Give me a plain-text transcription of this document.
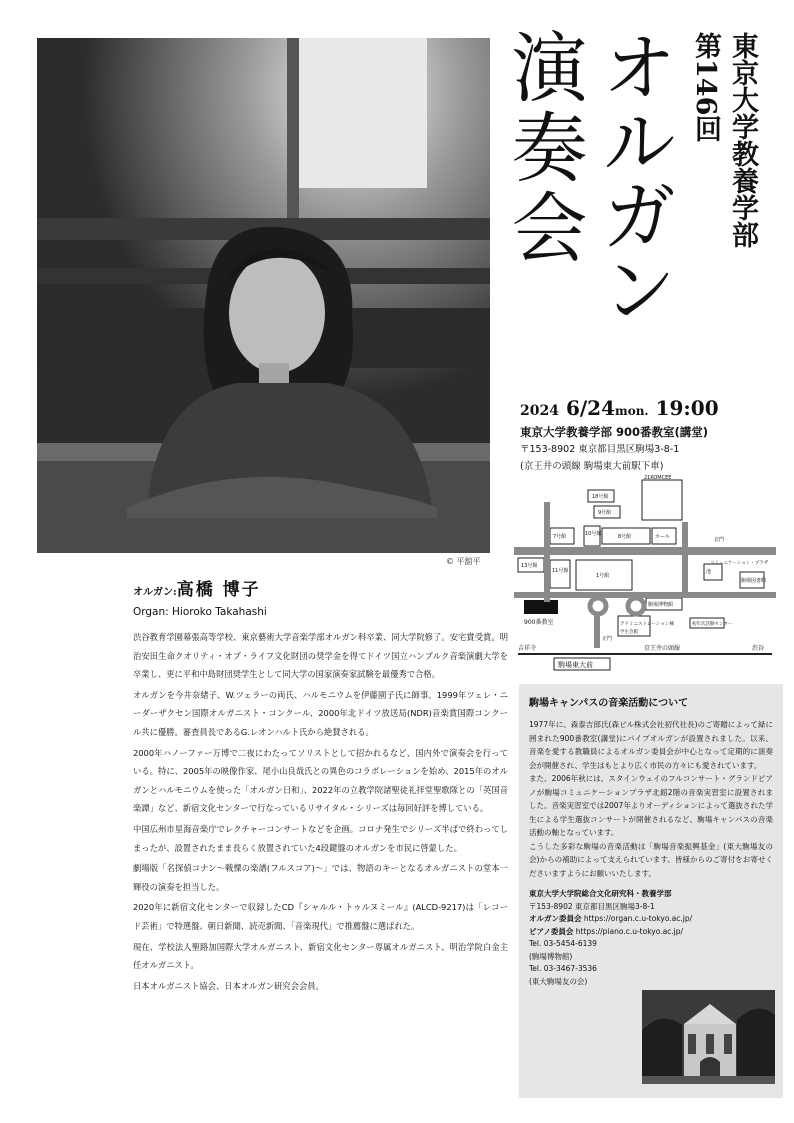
© 平舘平
演奏会 オルガン 第146回 東京大学教養学部
2024 6/24mon. 19:00
東京大学教養学部 900番教室(講堂)
〒153-8902 東京都目黒区駒場3-8-1
(京王井の頭線 駒場東大前駅下車)
18号館
9号館
21KOMCEE
7号館	10号館	8号館	ホール	北門
13号館
11号館
1号館
池
コミュニケーション・プラザ
駒場図書館
駒場博物館
初年次活動センター
アドミニストレーション棟
学生会館
900番教室
正門
駒場東大前
京王井の頭線
吉祥寺	渋谷
オルガン:高橋 博子
Organ: Hioroko Takahashi

渋谷教育学園幕張高等学校、東京藝術大学音楽学部オルガン科卒業、同大学院修了。安宅賞受賞。明治安田生命クオリティ・オブ・ライフ文化財団の奨学金を得てドイツ国立ハンブルク音楽演劇大学を卒業し、更に平和中島財団奨学生として同大学の国家演奏家試験を最優秀で合格。

オルガンを今井奈緒子、W.ツェラーの両氏、ハルモニウムを伊藤園子氏に師事。1999年ツェレ・ニーダーザクセン国際オルガニスト・コンクール、2000年北ドイツ放送局(NDR)音楽賞国際コンクール共に優勝。審査員長であるG.レオンハルト氏から絶賛される。

2000年ハノーファー万博で二夜にわたってソリストとして招かれるなど、国内外で演奏会を行っている。特に、2005年の映像作家、尾小山良哉氏との異色のコラボレーションを始め、2015年のオルガンとハルモニウムを使った「オルガン日和」、2022年の立教学院諸聖徒礼拝堂聖歌隊との「英国音楽譚」など、新宿文化センターで行なっているリサイタル・シリーズは毎回好評を博している。

中国広州市星海音楽庁でレクチャーコンサートなどを企画。コロナ発生でシリーズ半ばで終わってしまったが、設置されたまま長らく放置されていた4段鍵盤のオルガンを市民に啓蒙した。

劇場版「名探偵コナン〜戦慄の楽譜(フルスコア)〜」では、物語のキーとなるオルガニストの堂本一輝役の演奏を担当した。

2020年に新宿文化センターで収録したCD『シャルル・トゥルヌミール』(ALCD-9217)は「レコード芸術」で特選盤、朝日新聞、読売新聞、「音楽現代」で推薦盤に選ばれた。

現在、学校法人聖路加国際大学オルガニスト、新宿文化センター専属オルガニスト、明治学院白金主任オルガニスト。

日本オルガニスト協会、日本オルガン研究会会員。

駒場キャンパスの音楽活動について

1977年に、森泰吉郎氏(森ビル株式会社初代社長)のご寄贈によって緑に囲まれた900番教室(講堂)にパイプオルガンが設置されました。以来、音楽を愛する教職員によるオルガン委員会が中心となって定期的に演奏会が開催され、学生はもとより広く市民の方々にも愛されています。

また、2006年秋には、スタインウェイのフルコンサート・グランドピアノが駒場コミュニケーションプラザ北館2階の音楽実習室に設置されました。音楽実習室では2007年よりオーディションによって選抜された学生による学生選抜コンサートが開催されるなど、駒場キャンパスの音楽活動の軸となっています。

こうした多彩な駒場の音楽活動は「駒場音楽振興基金」(東大駒場友の会)からの補助によって支えられています。皆様からのご寄付をお寄せくださいますようにお願いいたします。

東京大学大学院総合文化研究科・教養学部
〒153-8902 東京都目黒区駒場3-8-1
オルガン委員会 https://organ.c.u-tokyo.ac.jp/
ピアノ委員会 https://piano.c.u-tokyo.ac.jp/
Tel. 03-5454-6139
(駒場博物館)
Tel. 03-3467-3536
(東大駒場友の会)
